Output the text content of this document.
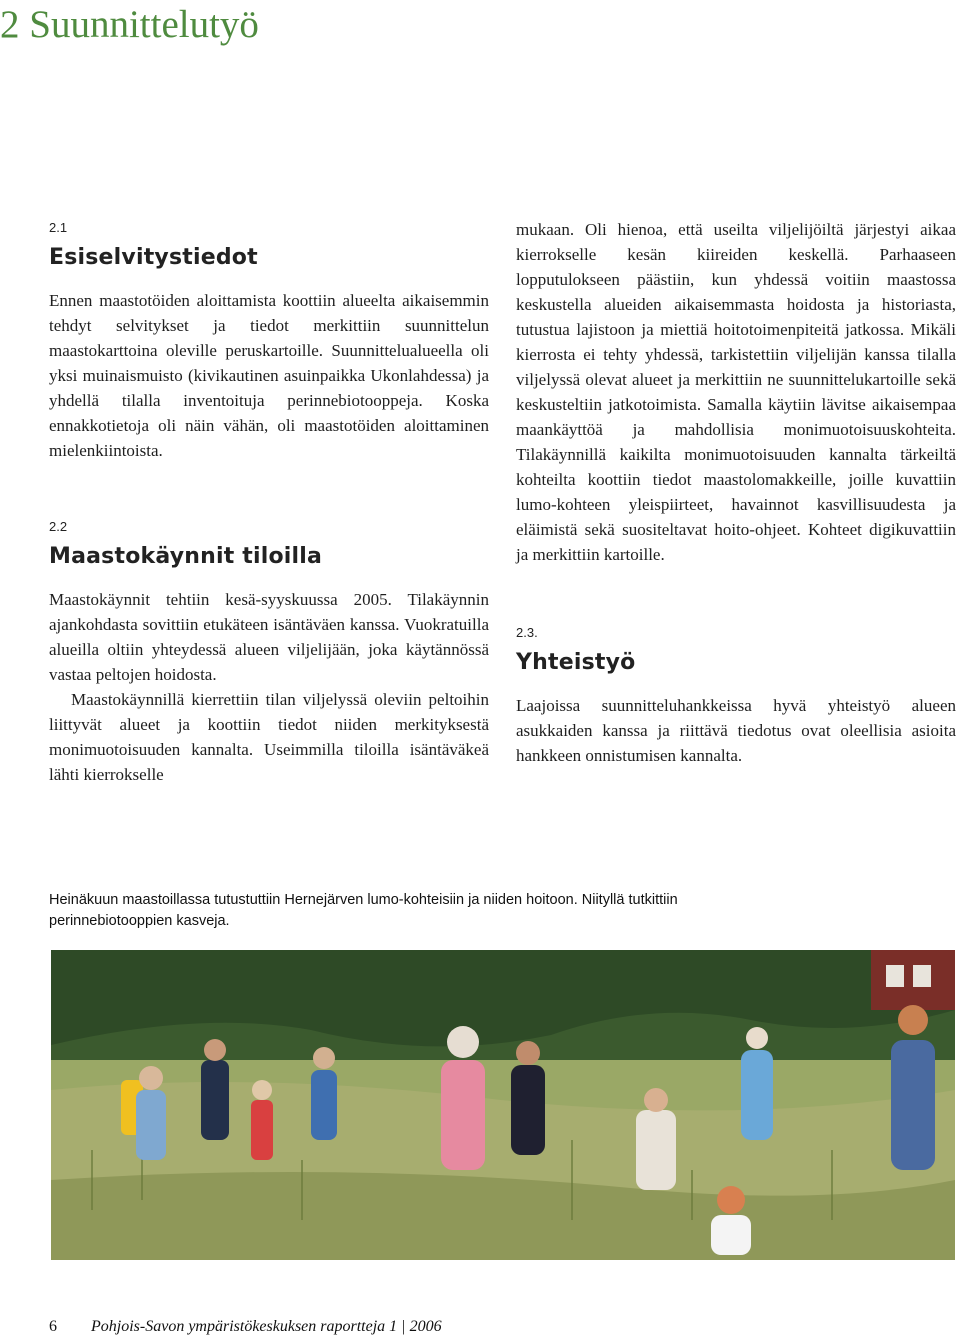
2 Suunnittelutyö
2.1
Esiselvitystiedot

Ennen maastotöiden aloittamista koottiin alueelta aikaisemmin tehdyt selvitykset ja tiedot merkittiin suunnittelun maastokarttoina oleville peruskartoille. Suunnittelualueella oli yksi muinaismuisto (kivikautinen asuinpaikka Ukonlahdessa) ja yhdellä tilalla inventoituja perinnebiotooppeja. Koska ennakkotietoja oli näin vähän, oli maastotöiden aloittaminen mielenkiintoista.

2.2
Maastokäynnit tiloilla

Maastokäynnit tehtiin kesä-syyskuussa 2005. Tilakäynnin ajankohdasta sovittiin etukäteen isäntäväen kanssa. Vuokratuilla alueilla oltiin yhteydessä alueen viljelijään, joka käytännössä vastaa peltojen hoidosta.

Maastokäynnillä kierrettiin tilan viljelyssä oleviin peltoihin liittyvät alueet ja koottiin tiedot niiden merkityksestä monimuotoisuuden kannalta. Useimmilla tiloilla isäntäväkeä lähti kierrokselle

mukaan. Oli hienoa, että useilta viljelijöiltä järjestyi aikaa kierrokselle kesän kiireiden keskellä. Parhaaseen lopputulokseen päästiin, kun yhdessä voitiin maastossa keskustella alueiden aikaisemmasta hoidosta ja historiasta, tutustua lajistoon ja miettiä hoitotoimenpiteitä jatkossa. Mikäli kierrosta ei tehty yhdessä, tarkistettiin viljelijän kanssa tilalla viljelyssä olevat alueet ja merkittiin ne suunnittelukartoille sekä keskusteltiin jatkotoimista. Samalla käytiin lävitse aikaisempaa maankäyttöä ja mahdollisia monimuotoisuuskohteita. Tilakäynnillä kaikilta monimuotoisuuden kannalta tärkeiltä kohteilta koottiin tiedot maastolomakkeille, joille kuvattiin lumo-kohteen yleispiirteet, havainnot kasvillisuudesta ja eläimistä sekä suositeltavat hoito-ohjeet. Kohteet digikuvattiin ja merkittiin kartoille.

2.3.
Yhteistyö

Laajoissa suunnitteluhankkeissa hyvä yhteistyö alueen asukkaiden kanssa ja riittävä tiedotus ovat oleellisia asioita hankkeen onnistumisen kannalta.

Heinäkuun maastoillassa tutustuttiin Hernejärven lumo-kohteisiin ja niiden hoitoon. Niityllä tutkittiin perinnebiotooppien kasveja.

6 Pohjois-Savon ympäristökeskuksen raportteja 1 | 2006
